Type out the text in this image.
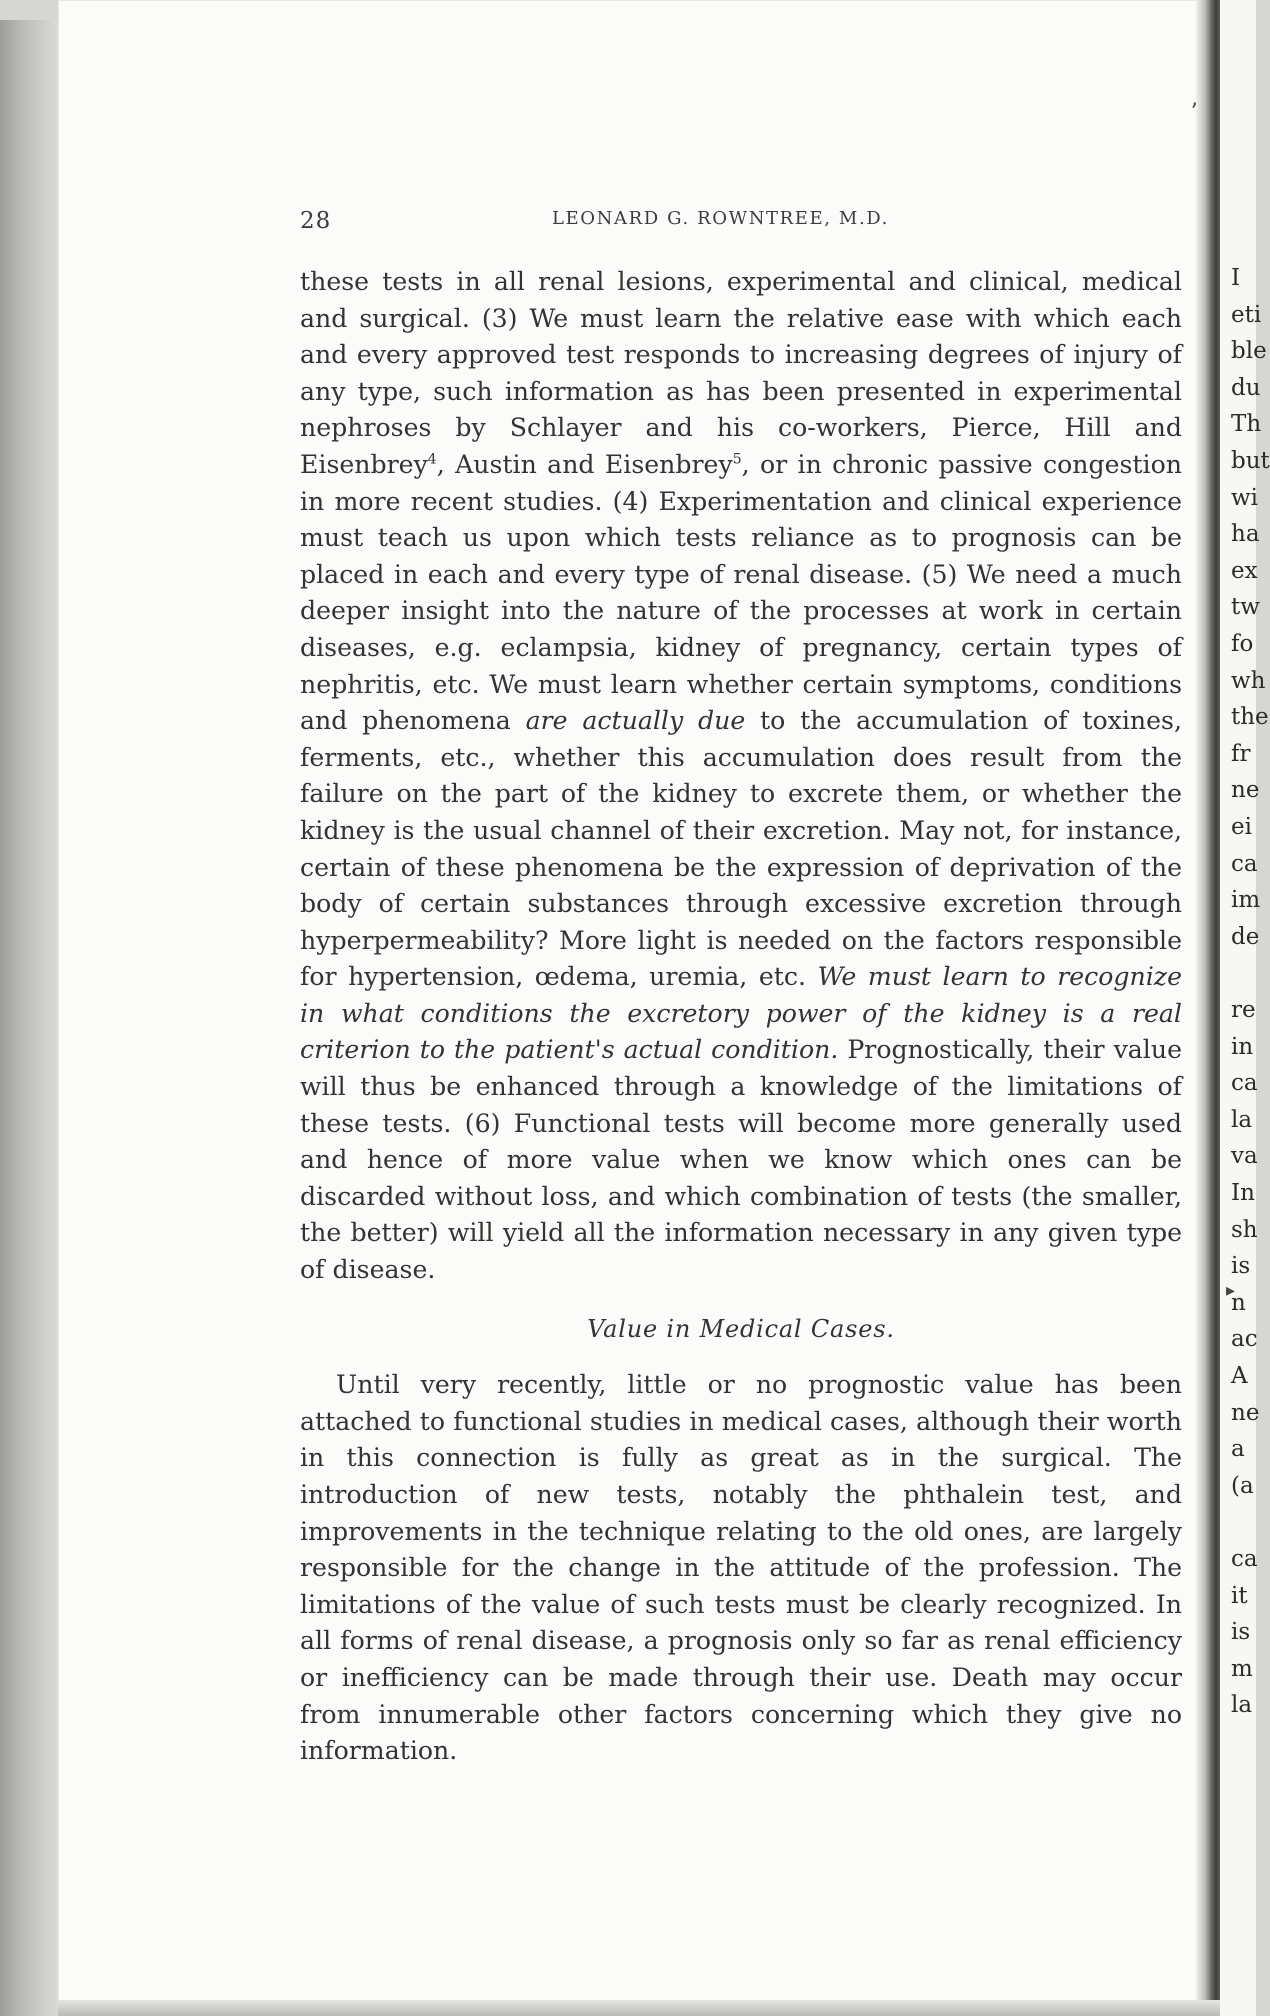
28	LEONARD G. ROWNTREE, M.D.

these tests in all renal lesions, experimental and clinical, medical and surgical. (3) We must learn the relative ease with which each and every approved test responds to increasing degrees of injury of any type, such information as has been presented in experimental nephroses by Schlayer and his co-workers, Pierce, Hill and Eisenbrey$^4$, Austin and Eisenbrey$^5$, or in chronic passive congestion in more recent studies. (4) Experimentation and clinical experience must teach us upon which tests reliance as to prognosis can be placed in each and every type of renal disease. (5) We need a much deeper insight into the nature of the processes at work in certain diseases, e.g. eclampsia, kidney of pregnancy, certain types of nephritis, etc. We must learn whether certain symptoms, conditions and phenomena are actually due to the accumulation of toxines, ferments, etc., whether this accumulation does result from the failure on the part of the kidney to excrete them, or whether the kidney is the usual channel of their excretion. May not, for instance, certain of these phenomena be the expression of deprivation of the body of certain substances through excessive excretion through hyperpermeability? More light is needed on the factors responsible for hypertension, œdema, uremia, etc. We must learn to recognize in what conditions the excretory power of the kidney is a real criterion to the patient's actual condition. Prognostically, their value will thus be enhanced through a knowledge of the limitations of these tests. (6) Functional tests will become more generally used and hence of more value when we know which ones can be discarded without loss, and which combination of tests (the smaller, the better) will yield all the information necessary in any given type of disease.

Value in Medical Cases.

Until very recently, little or no prognostic value has been attached to functional studies in medical cases, although their worth in this connection is fully as great as in the surgical. The introduction of new tests, notably the phthalein test, and improvements in the technique relating to the old ones, are largely responsible for the change in the attitude of the profession. The limitations of the value of such tests must be clearly recognized. In all forms of renal disease, a prognosis only so far as renal efficiency or inefficiency can be made through their use. Death may occur from innumerable other factors concerning which they give no information.

I
eti
ble
du
Th
but
wi
ha
ex
tw
fo
wh
the
fr
ne
ei
ca
im
de
re
in
ca
la
va
In
sh
is
n
ac
A
ne
a
(a
ca
it
is
m
la
ʼ
▸
